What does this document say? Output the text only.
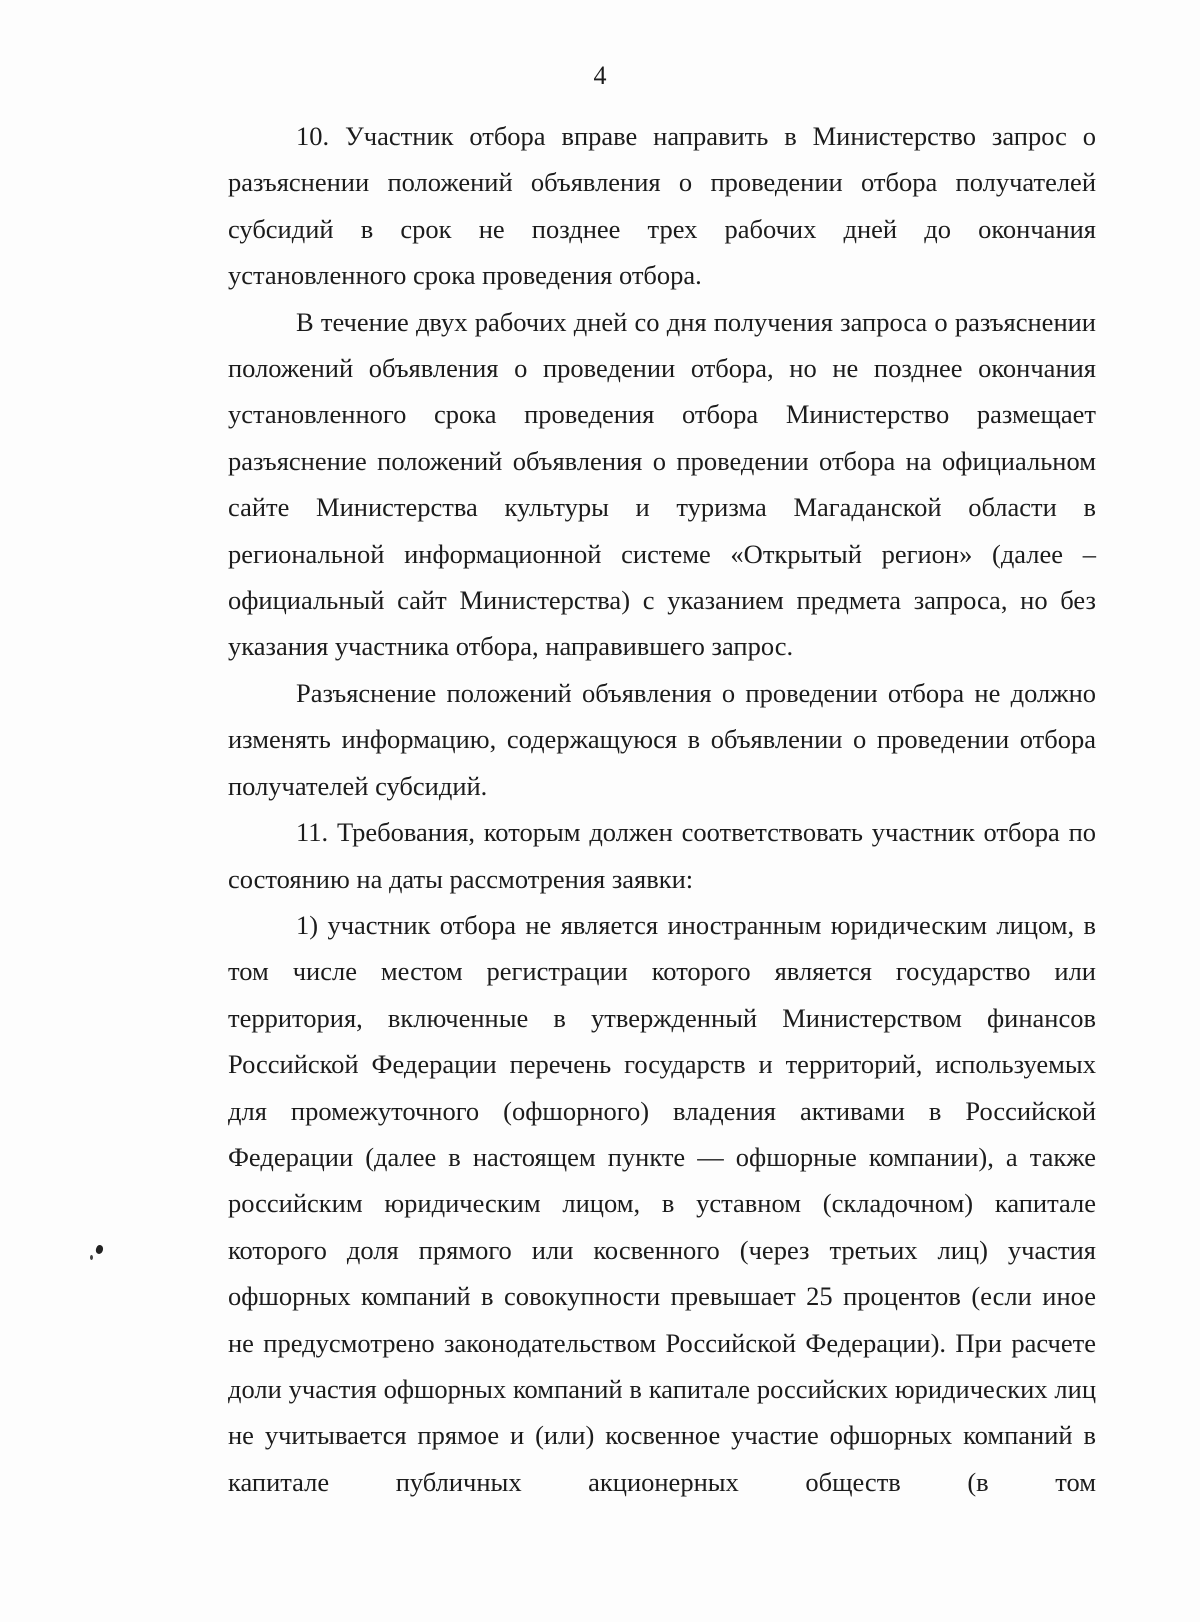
4

10. Участник отбора вправе направить в Министерство запрос о разъяснении положений объявления о проведении отбора получателей субсидий в срок не позднее трех рабочих дней до окончания установленного срока проведения отбора.

В течение двух рабочих дней со дня получения запроса о разъяснении положений объявления о проведении отбора, но не позднее окончания установленного срока проведения отбора Министерство размещает разъяснение положений объявления о проведении отбора на официальном сайте Министерства культуры и туризма Магаданской области в региональной информационной системе «Открытый регион» (далее – официальный сайт Министерства) с указанием предмета запроса, но без указания участника отбора, направившего запрос.

Разъяснение положений объявления о проведении отбора не должно изменять информацию, содержащуюся в объявлении о проведении отбора получателей субсидий.

11. Требования, которым должен соответствовать участник отбора по состоянию на даты рассмотрения заявки:

1) участник отбора не является иностранным юридическим лицом, в том числе местом регистрации которого является государство или территория, включенные в утвержденный Министерством финансов Российской Федерации перечень государств и территорий, используемых для промежуточного (офшорного) владения активами в Российской Федерации (далее в настоящем пункте — офшорные компании), а также российским юридическим лицом, в уставном (складочном) капитале которого доля прямого или косвенного (через третьих лиц) участия офшорных компаний в совокупности превышает 25 процентов (если иное не предусмотрено законодательством Российской Федерации). При расчете доли участия офшорных компаний в капитале российских юридических лиц не учитывается прямое и (или) косвенное участие офшорных компаний в капитале публичных акционерных обществ (в том
